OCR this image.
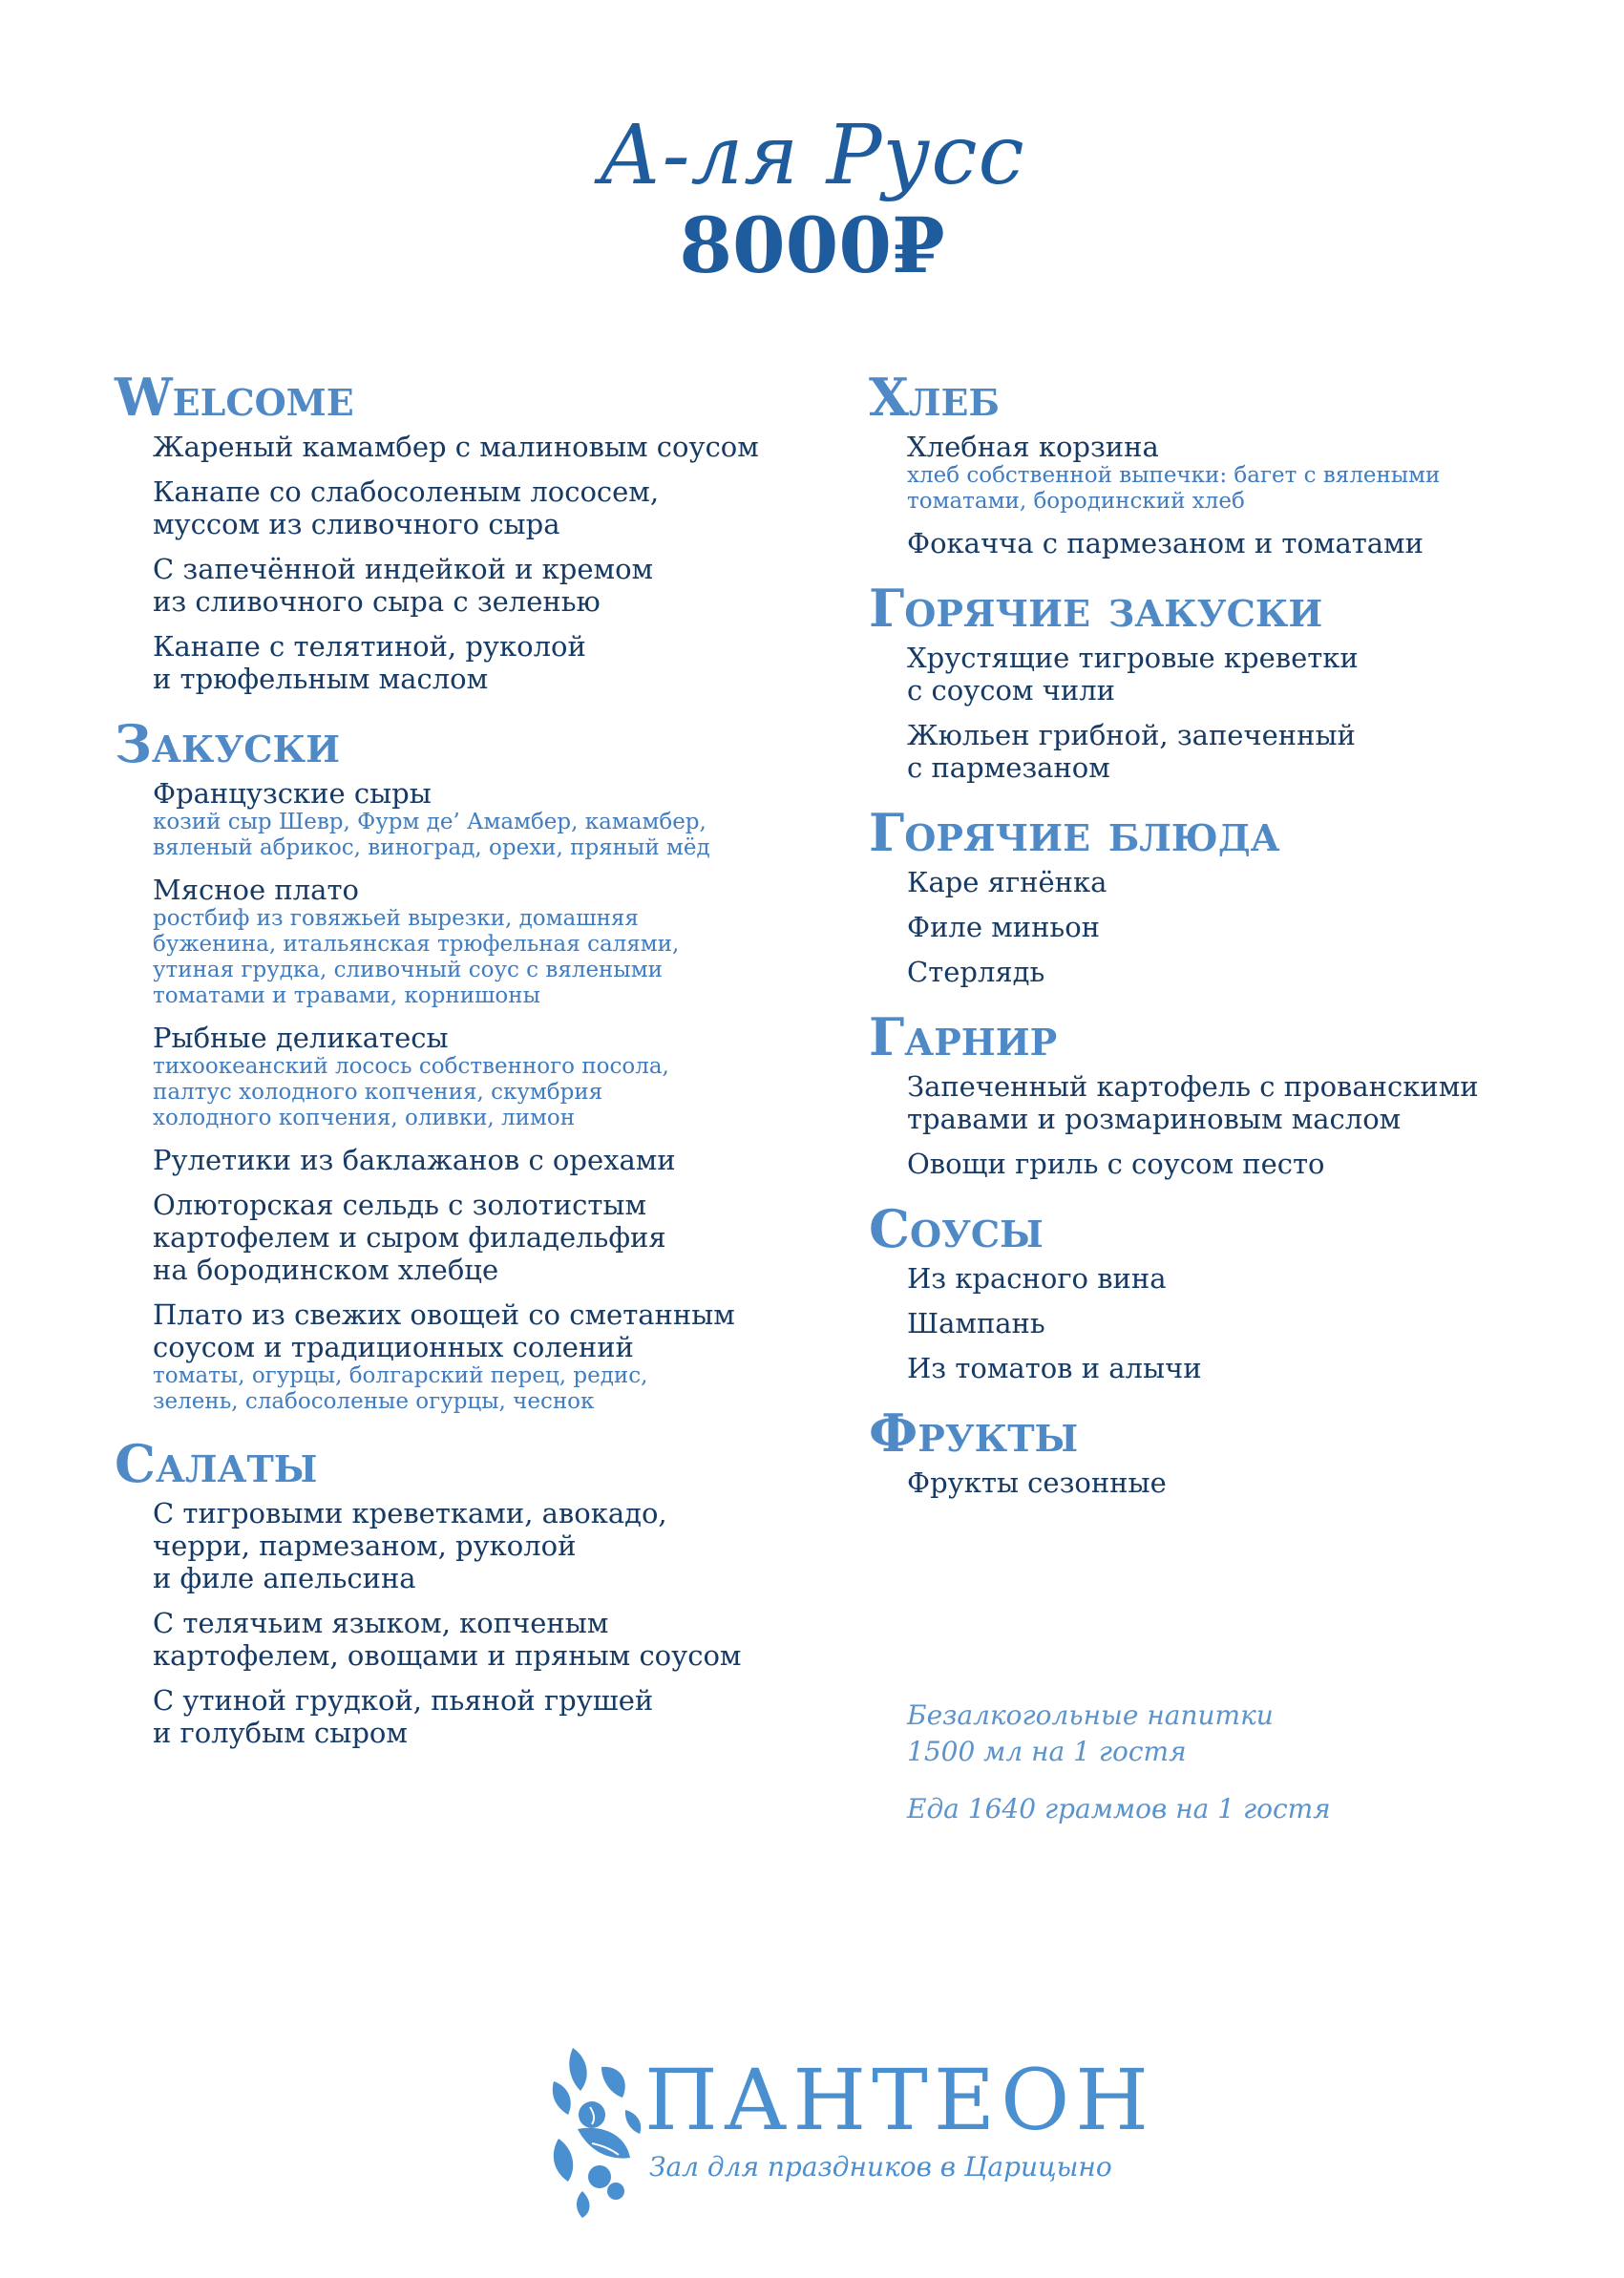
А-ля Русс
8000₽
Welcome
Жареный камамбер с малиновым соусом
Канапе со слабосоленым лососем,
муссом из сливочного сыра
С запечённой индейкой и кремом
из сливочного сыра с зеленью
Канапе с телятиной, руколой
и трюфельным маслом
Закуски
Французские сыры
козий сыр Шевр, Фурм де’ Амамбер, камамбер,
вяленый абрикос, виноград, орехи, пряный мёд
Мясное плато
ростбиф из говяжьей вырезки, домашняя
буженина, итальянская трюфельная салями,
утиная грудка, сливочный соус с вялеными
томатами и травами, корнишоны
Рыбные деликатесы
тихоокеанский лосось собственного посола,
палтус холодного копчения, скумбрия
холодного копчения, оливки, лимон
Рулетики из баклажанов с орехами
Олюторская сельдь с золотистым
картофелем и сыром филадельфия
на бородинском хлебце
Плато из свежих овощей со сметанным
соусом и традиционных солений
томаты, огурцы, болгарский перец, редис,
зелень, слабосоленые огурцы, чеснок
Салаты
С тигровыми креветками, авокадо,
черри, пармезаном, руколой
и филе апельсина
С телячьим языком, копченым
картофелем, овощами и пряным соусом
С утиной грудкой, пьяной грушей
и голубым сыром
Хлеб
Хлебная корзина
хлеб собственной выпечки: багет с вялеными
томатами, бородинский хлеб
Фокачча с пармезаном и томатами
Горячие закуски
Хрустящие тигровые креветки
с соусом чили
Жюльен грибной, запеченный
с пармезаном
Горячие блюда
Каре ягнёнка
Филе миньон
Стерлядь
Гарнир
Запеченный картофель с прованскими
травами и розмариновым маслом
Овощи гриль с соусом песто
Соусы
Из красного вина
Шампань
Из томатов и алычи
Фрукты
Фрукты сезонные
Безалкогольные напитки
1500 мл на 1 гостя
Еда 1640 граммов на 1 гостя
ПАНТЕОН
Зал для праздников в Царицыно
